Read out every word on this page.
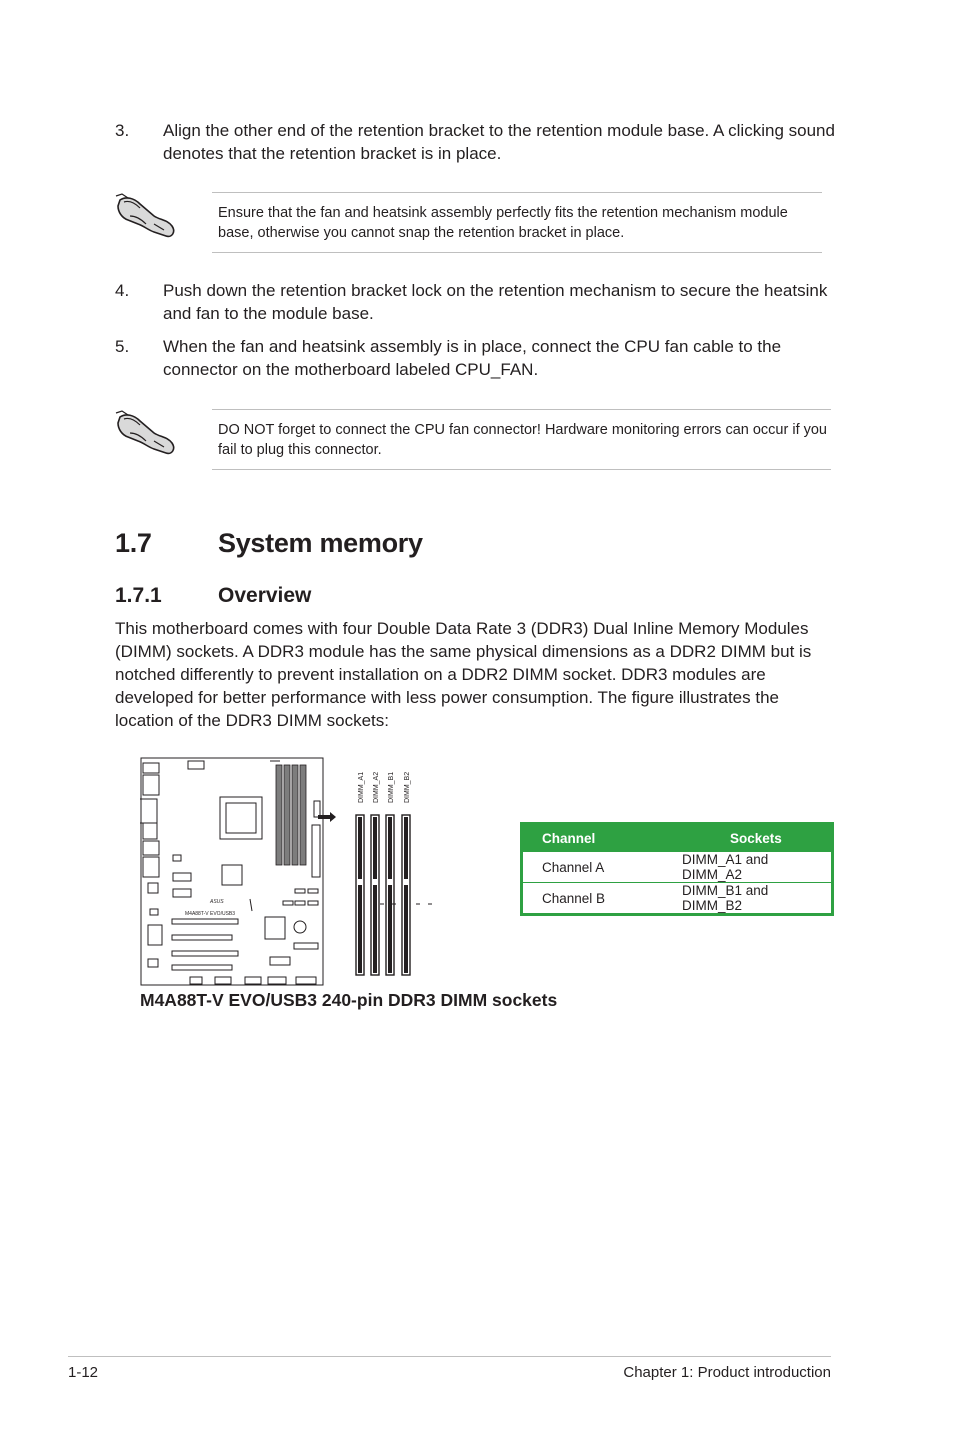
3. Align the other end of the retention bracket to the retention module base. A clicking sound denotes that the retention bracket is in place.
Ensure that the fan and heatsink assembly perfectly fits the retention mechanism module base, otherwise you cannot snap the retention bracket in place.
4. Push down the retention bracket lock on the retention mechanism to secure the heatsink and fan to the module base.
5. When the fan and heatsink assembly is in place, connect the CPU fan cable to the connector on the motherboard labeled CPU_FAN.
DO NOT forget to connect the CPU fan connector! Hardware monitoring errors can occur if you fail to plug this connector.
1.7 System memory
1.7.1	Overview
This motherboard comes with four Double Data Rate 3 (DDR3) Dual Inline Memory Modules (DIMM) sockets. A DDR3 module has the same physical dimensions as a DDR2 DIMM but is notched differently to prevent installation on a DDR2 DIMM socket. DDR3 modules are developed for better performance with less power consumption. The figure illustrates the location of the DDR3 DIMM sockets:
M4A88T-V EVO/USB3
ASUS
DIMM_A1 DIMM_A2 DIMM_B1 DIMM_B2
M4A88T-V EVO/USB3 240-pin DDR3 DIMM sockets
Channel	Sockets
Channel A	DIMM_A1 and DIMM_A2
Channel B	DIMM_B1 and DIMM_B2
1-12	Chapter 1: Product introduction
